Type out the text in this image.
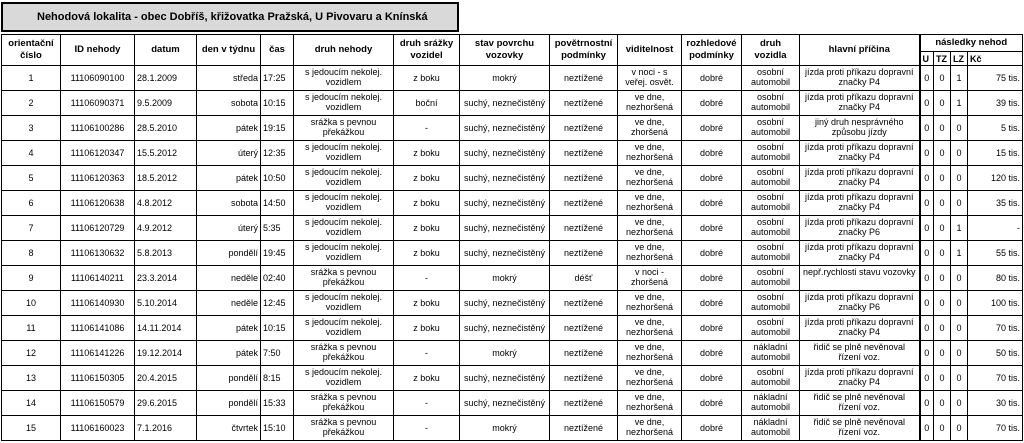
Nehodová lokalita - obec Dobříš, křižovatka Pražská, U Pivovaru a Knínská
orientační číslo	ID nehody	datum	den v týdnu	čas	druh nehody	druh srážky vozidel	stav povrchu vozovky	povětrnostní podmínky	viditelnost	rozhledové podmínky	druh vozidla	hlavní příčina	následky nehod			
													U	TZ	LZ	Kč
1	11106090100	28.1.2009	středa	17:25	s jedoucím nekolej. vozidlem	z boku	mokrý	neztížené	v noci - s veřej. osvět.	dobré	osobní automobil	jízda proti příkazu dopravní značky P4	0	0	1	75 tis.
2	11106090371	9.5.2009	sobota	10:15	s jedoucím nekolej. vozidlem	boční	suchý, neznečistěný	neztížené	ve dne, nezhoršená	dobré	osobní automobil	jízda proti příkazu dopravní značky P4	0	0	1	39 tis.
3	11106100286	28.5.2010	pátek	19:15	srážka s pevnou překážkou	-	suchý, neznečistěný	neztížené	ve dne, zhoršená	dobré	osobní automobil	jiný druh nesprávného způsobu jízdy	0	0	0	5 tis.
4	11106120347	15.5.2012	úterý	12:35	s jedoucím nekolej. vozidlem	z boku	suchý, neznečistěný	neztížené	ve dne, nezhoršená	dobré	osobní automobil	jízda proti příkazu dopravní značky P4	0	0	0	15 tis.
5	11106120363	18.5.2012	pátek	10:50	s jedoucím nekolej. vozidlem	z boku	suchý, neznečistěný	neztížené	ve dne, nezhoršená	dobré	osobní automobil	jízda proti příkazu dopravní značky P4	0	0	0	120 tis.
6	11106120638	4.8.2012	sobota	14:50	s jedoucím nekolej. vozidlem	z boku	suchý, neznečistěný	neztížené	ve dne, nezhoršená	dobré	osobní automobil	jízda proti příkazu dopravní značky P4	0	0	0	35 tis.
7	11106120729	4.9.2012	úterý	5:35	s jedoucím nekolej. vozidlem	z boku	suchý, neznečistěný	neztížené	ve dne, nezhoršená	dobré	osobní automobil	jízda proti příkazu dopravní značky P6	0	0	1	-
8	11106130632	5.8.2013	pondělí	19:45	s jedoucím nekolej. vozidlem	z boku	suchý, neznečistěný	neztížené	ve dne, nezhoršená	dobré	osobní automobil	jízda proti příkazu dopravní značky P4	0	0	1	55 tis.
9	11106140211	23.3.2014	neděle	02:40	srážka s pevnou překážkou	-	mokrý	déšť	v noci - zhoršená	dobré	osobní automobil	nepř.rychlosti stavu vozovky	0	0	0	80 tis.
10	11106140930	5.10.2014	neděle	12:45	s jedoucím nekolej. vozidlem	z boku	suchý, neznečistěný	neztížené	ve dne, nezhoršená	dobré	osobní automobil	jízda proti příkazu dopravní značky P6	0	0	0	100 tis.
11	11106141086	14.11.2014	pátek	10:15	s jedoucím nekolej. vozidlem	z boku	suchý, neznečistěný	neztížené	ve dne, nezhoršená	dobré	osobní automobil	jízda proti příkazu dopravní značky P4	0	0	0	70 tis.
12	11106141226	19.12.2014	pátek	7:50	srážka s pevnou překážkou	-	mokrý	neztížené	ve dne, nezhoršená	dobré	nákladní automobil	řidič se plně nevěnoval řízení voz.	0	0	0	50 tis.
13	11106150305	20.4.2015	pondělí	8:15	s jedoucím nekolej. vozidlem	z boku	suchý, neznečistěný	neztížené	ve dne, nezhoršená	dobré	osobní automobil	jízda proti příkazu dopravní značky P4	0	0	0	70 tis.
14	11106150579	29.6.2015	pondělí	15:33	srážka s pevnou překážkou	-	suchý, neznečistěný	neztížené	ve dne, nezhoršená	dobré	nákladní automobil	řidič se plně nevěnoval řízení voz.	0	0	0	30 tis.
15	11106160023	7.1.2016	čtvrtek	15:10	srážka s pevnou překážkou	-	mokrý	neztížené	ve dne, nezhoršená	dobré	nákladní automobil	řidič se plně nevěnoval řízení voz.	0	0	0	70 tis.
